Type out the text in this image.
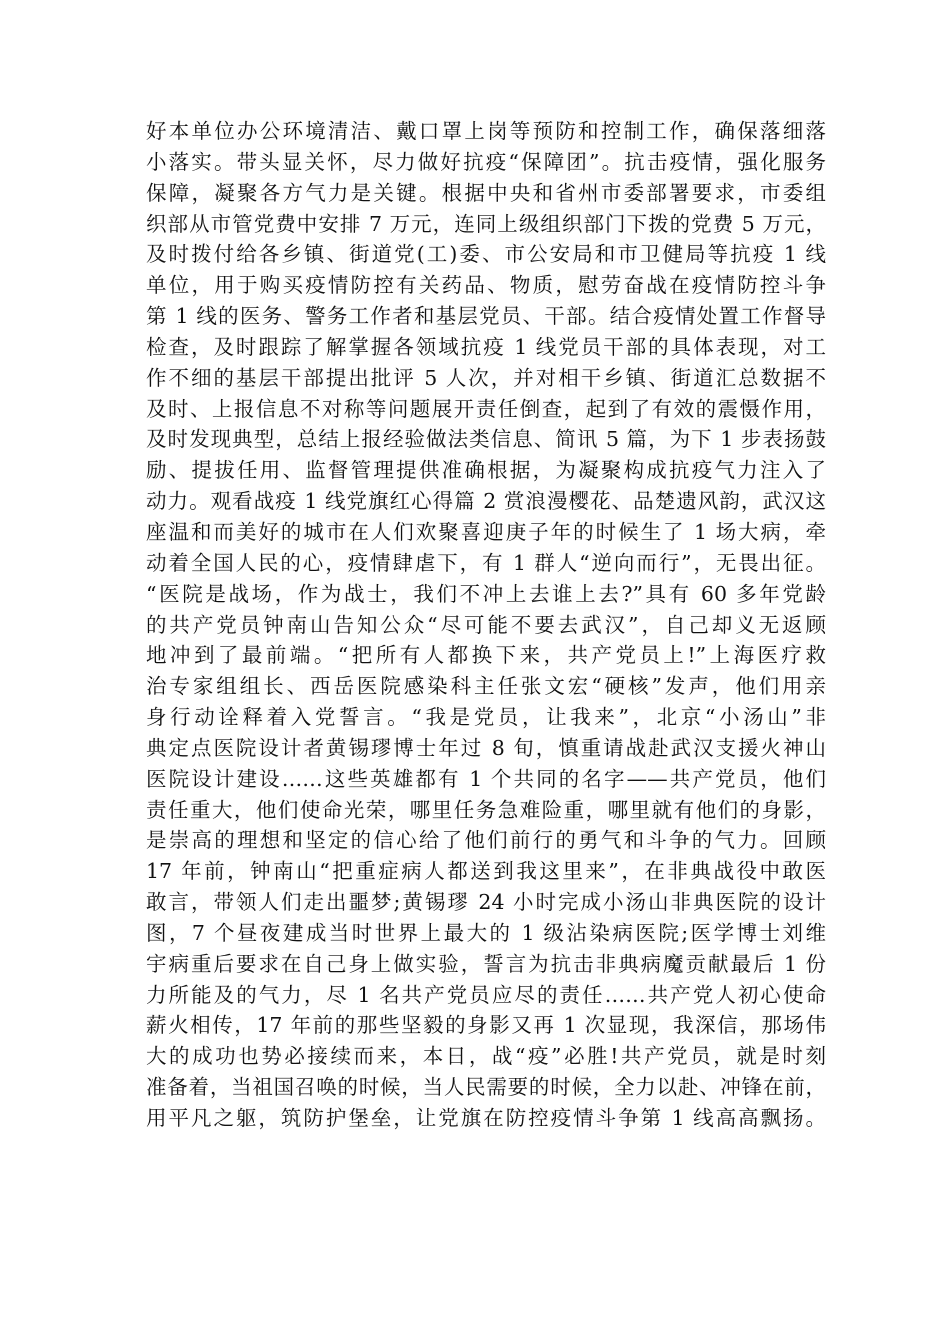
好本单位办公环境清洁、戴口罩上岗等预防和控制工作，确保落细落
小落实。带头显关怀，尽力做好抗疫“保障团”。抗击疫情，强化服务
保障，凝聚各方气力是关键。根据中央和省州市委部署要求，市委组
织部从市管党费中安排 7 万元，连同上级组织部门下拨的党费 5 万元，
及时拨付给各乡镇、街道党(工)委、市公安局和市卫健局等抗疫 1 线
单位，用于购买疫情防控有关药品、物质，慰劳奋战在疫情防控斗争
第 1 线的医务、警务工作者和基层党员、干部。结合疫情处置工作督导
检查，及时跟踪了解掌握各领域抗疫 1 线党员干部的具体表现，对工
作不细的基层干部提出批评 5 人次，并对相干乡镇、街道汇总数据不
及时、上报信息不对称等问题展开责任倒查，起到了有效的震慑作用，
及时发现典型，总结上报经验做法类信息、简讯 5 篇，为下 1 步表扬鼓
励、提拔任用、监督管理提供准确根据，为凝聚构成抗疫气力注入了
动力。观看战疫 1 线党旗红心得篇 2 赏浪漫樱花、品楚遗风韵，武汉这
座温和而美好的城市在人们欢聚喜迎庚子年的时候生了 1 场大病，牵
动着全国人民的心，疫情肆虐下，有 1 群人“逆向而行”，无畏出征。
“医院是战场，作为战士，我们不冲上去谁上去?”具有 60 多年党龄
的共产党员钟南山告知公众“尽可能不要去武汉”，自己却义无返顾
地冲到了最前端。“把所有人都换下来，共产党员上!”上海医疗救
治专家组组长、西岳医院感染科主任张文宏“硬核”发声，他们用亲
身行动诠释着入党誓言。“我是党员，让我来”，北京“小汤山”非
典定点医院设计者黄锡璆博士年过 8 旬，慎重请战赴武汉支援火神山
医院设计建设……这些英雄都有 1 个共同的名字——共产党员，他们
责任重大，他们使命光荣，哪里任务急难险重，哪里就有他们的身影，
是崇高的理想和坚定的信心给了他们前行的勇气和斗争的气力。回顾
17 年前，钟南山“把重症病人都送到我这里来”，在非典战役中敢医
敢言，带领人们走出噩梦;黄锡璆 24 小时完成小汤山非典医院的设计
图，7 个昼夜建成当时世界上最大的 1 级沾染病医院;医学博士刘维
宇病重后要求在自己身上做实验，誓言为抗击非典病魔贡献最后 1 份
力所能及的气力，尽 1 名共产党员应尽的责任……共产党人初心使命
薪火相传，17 年前的那些坚毅的身影又再 1 次显现，我深信，那场伟
大的成功也势必接续而来，本日，战“疫”必胜!共产党员，就是时刻
准备着，当祖国召唤的时候，当人民需要的时候，全力以赴、冲锋在前，
用平凡之躯，筑防护堡垒，让党旗在防控疫情斗争第 1 线高高飘扬。
